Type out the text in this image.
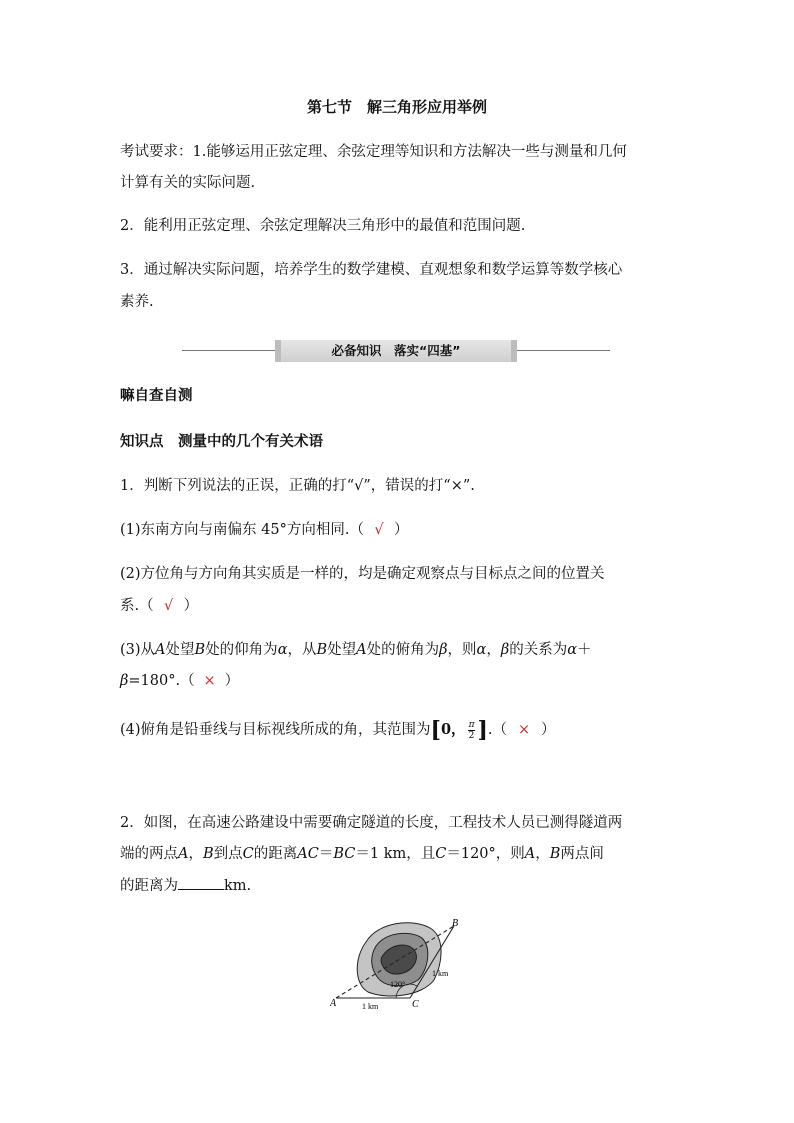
第七节　解三角形应用举例
考试要求：1.能够运用正弦定理、余弦定理等知识和方法解决一些与测量和几何
计算有关的实际问题.
2．能利用正弦定理、余弦定理解决三角形中的最值和范围问题.
3．通过解决实际问题，培养学生的数学建模、直观想象和数学运算等数学核心
素养.
必备知识　落实“四基”
嘛自查自测
知识点　测量中的几个有关术语
1．判断下列说法的正误，正确的打“√”，错误的打“×”.
(1)东南方向与南偏东 45°方向相同.（ √ ）
(2)方位角与方向角其实质是一样的，均是确定观察点与目标点之间的位置关
系.（ √ ）
(3)从A处望B处的仰角为α，从B处望A处的俯角为β，则α，β的关系为α＋
β=180°.（ × ）
(4)俯角是铅垂线与目标视线所成的角，其范围为[0， $\frac{\pi}{2}$ ].（ × ）
2．如图，在高速公路建设中需要确定隧道的长度，工程技术人员已测得隧道两
端的两点A，B到点C的距离AC＝BC＝1 km，且C＝120°，则A，B两点间
的距离为	km.
A
B
C
120°
1 km
1 km
